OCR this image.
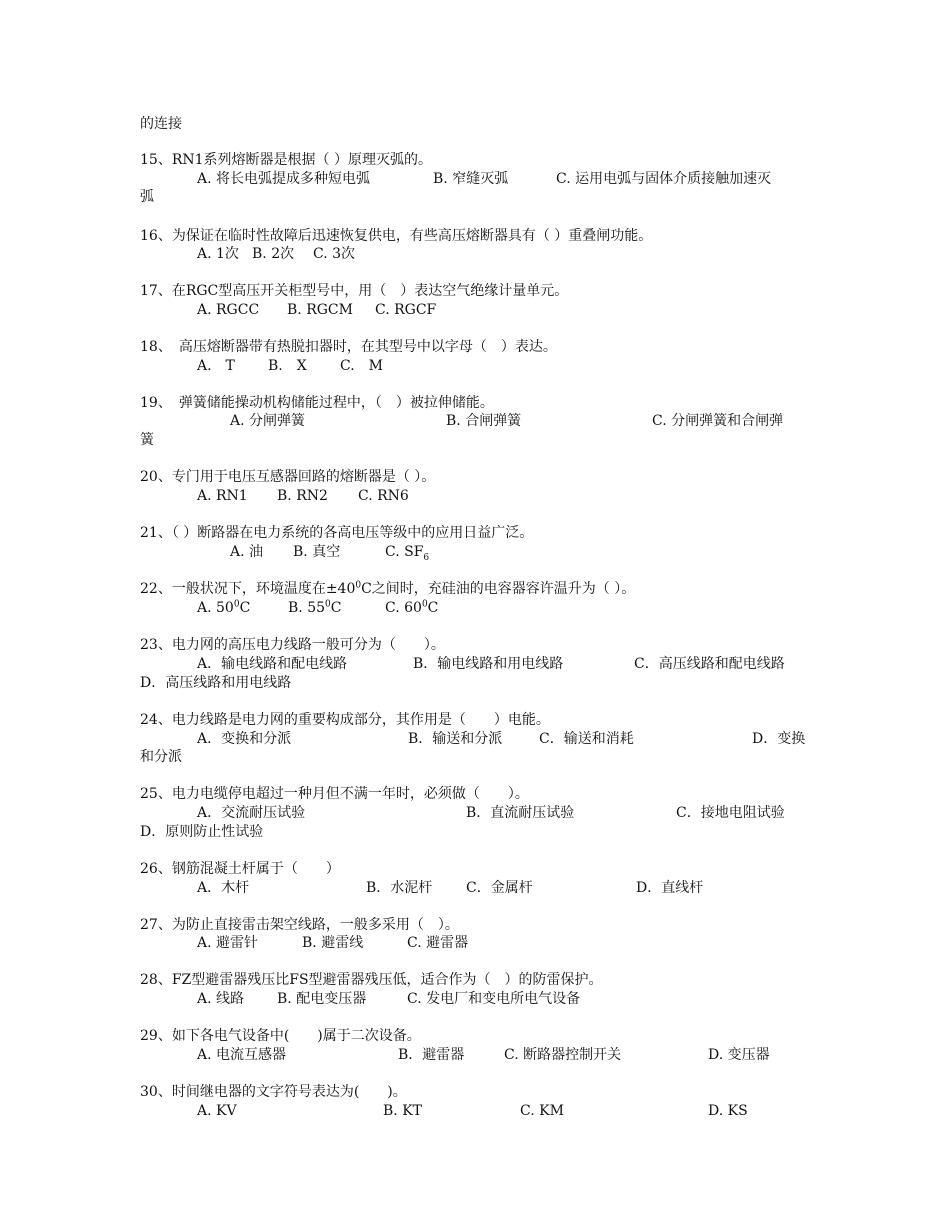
的连接
15、RN1系列熔断器是根据（ ）原理灭弧的。
A. 将长电弧提成多种短电弧	B. 窄缝灭弧	C. 运用电弧与固体介质接触加速灭
弧
16、为保证在临时性故障后迅速恢复供电，有些高压熔断器具有（ ）重叠闸功能。
A. 1次 B. 2次 C. 3次
17、在RGC型高压开关柜型号中，用（　）表达空气绝缘计量单元。
A. RGCC B. RGCM C. RGCF
18、　高压熔断器带有热脱扣器时，在其型号中以字母（　）表达。
A.　T B.　X C.　M
19、　弹簧储能操动机构储能过程中，（　）被拉伸储能。
A. 分闸弹簧	B. 合闸弹簧	C. 分闸弹簧和合闸弹
簧
20、专门用于电压互感器回路的熔断器是（ ）。
A. RN1 B. RN2 C. RN6
21、（ ）断路器在电力系统的各高电压等级中的应用日益广泛。
A. 油 B. 真空	C. $SF_6$
22、一般状况下，环境温度在$\pm 40^0C$之间时，充硅油的电容器容许温升为（ ）。
A. $50^0C$	B. $55^0C$	C. $60^0C$
23、电力网的高压电力线路一般可分为（　　）。
A．输电线路和配电线路	B．输电线路和用电线路	C．高压线路和配电线路
D．高压线路和用电线路
24、电力线路是电力网的重要构成部分，其作用是（　　）电能。
A．变换和分派	B．输送和分派	C．输送和消耗	D．变换
和分派
25、电力电缆停电超过一种月但不满一年时，必须做（　　）。
A．交流耐压试验	B．直流耐压试验	C．接地电阻试验
D．原则防止性试验
26、钢筋混凝土杆属于（　　）
A．木杆	B．水泥杆 C．金属杆	D．直线杆
27、为防止直接雷击架空线路，一般多采用（　）。
A. 避雷针	B. 避雷线	C. 避雷器
28、FZ型避雷器残压比FS型避雷器残压低，适合作为（　）的防雷保护。
A. 线路 B. 配电变压器	C. 发电厂和变电所电气设备
29、如下各电气设备中(　　)属于二次设备。
A. 电流互感器	B．避雷器	C. 断路器控制开关	D. 变压器
30、时间继电器的文字符号表达为(　　)。
A. KV	B. KT	C. KM	D. KS
